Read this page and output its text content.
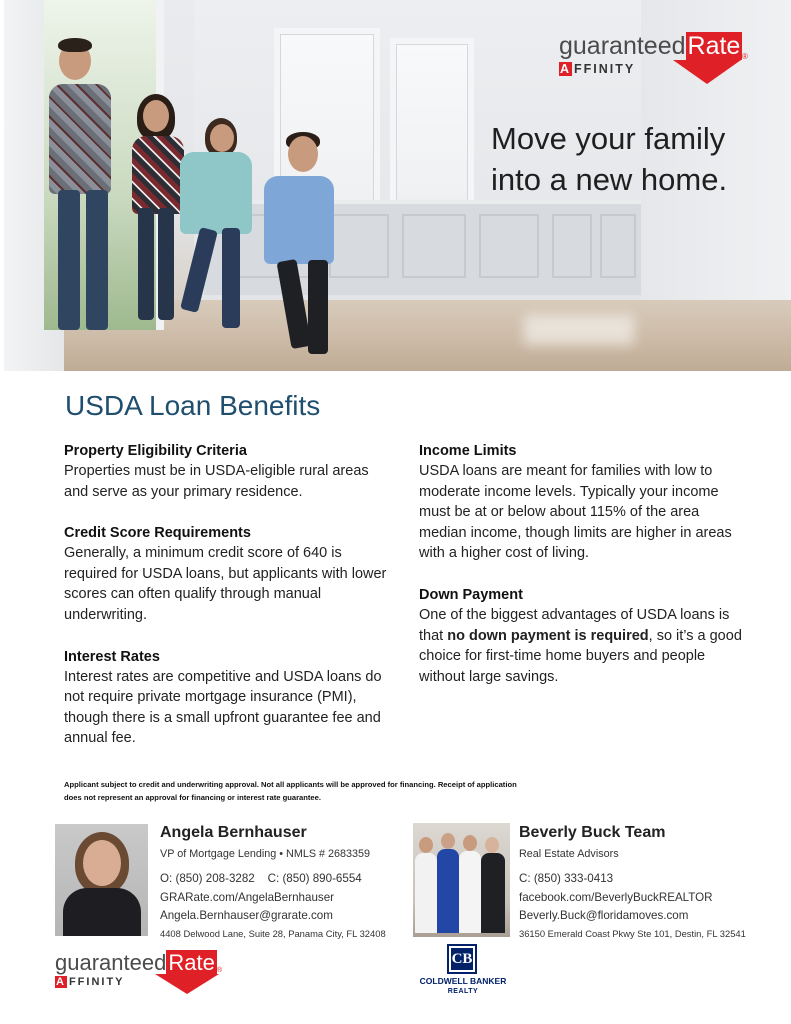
guaranteedRate
A FFINITY
®
Move your family
into a new home.
USDA Loan Benefits
Property Eligibility Criteria

Properties must be in USDA-eligible rural areas and serve as your primary residence.

Credit Score Requirements

Generally, a minimum credit score of 640 is required for USDA loans, but applicants with lower scores can often qualify through manual underwriting.

Interest Rates

Interest rates are competitive and USDA loans do not require private mortgage insurance (PMI), though there is a small upfront guarantee fee and annual fee.

Income Limits

USDA loans are meant for families with low to moderate income levels. Typically your income must be at or below about 115% of the area median income, though limits are higher in areas with a higher cost of living.

Down Payment

One of the biggest advantages of USDA loans is that no down payment is required, so it’s a good choice for first-time home buyers and people without large savings.

Applicant subject to credit and underwriting approval. Not all applicants will be approved for financing. Receipt of application
does not represent an approval for financing or interest rate guarantee.
Angela Bernhauser
VP of Mortgage Lending • NMLS # 2683359
O: (850) 208-3282    C: (850) 890-6554
GRARate.com/AngelaBernhauser
Angela.Bernhauser@grarate.com
4408 Delwood Lane, Suite 28, Panama City, FL 32408
guaranteedRate
A FFINITY
®
Beverly Buck Team
Real Estate Advisors
C: (850) 333-0413
facebook.com/BeverlyBuckREALTOR
Beverly.Buck@floridamoves.com
36150 Emerald Coast Pkwy Ste 101, Destin, FL 32541
CB
COLDWELL BANKER
REALTY
